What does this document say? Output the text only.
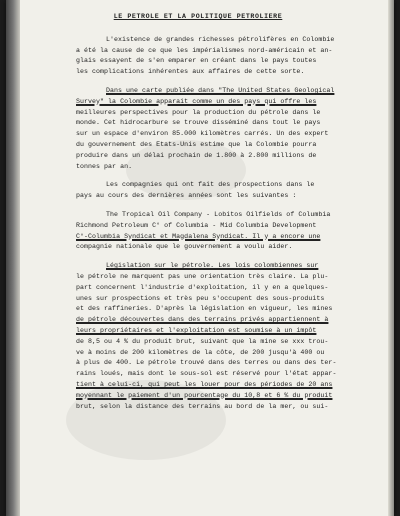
LE PETROLE ET LA POLITIQUE PETROLIERE
L'existence de grandes richesses pétrolifères en Colombie
a été la cause de ce que les impérialismes nord-américain et an-
glais essayent de s'en emparer en créant dans le pays toutes
les complications inhérentes aux affaires de cette sorte.
Dans une carte publiée dans "The United States Geological
Survey" la Colombie apparait comme un des pays qui offre les
meilleures perspectives pour la production du pétrole dans le
monde. Cet hidrocarbure se trouve disséminé dans tout le pays
sur un espace d'environ 85.000 kilomètres carrés. Un des expert
du gouvernement des Etats-Unis estime que la Colombie pourra
produire dans un délai prochain de 1.800 à 2.800 millions de
tonnes par an.
Les compagnies qui ont fait des prospections dans le
pays au cours des dernières années sont les suivantes :
The Tropical Oil Company - Lobitos Oilfields of Columbia
Richmond Petroleum C° of Columbia - Mid Columbia Development
C°-Columbia Syndicat et Magdalena Syndicat. Il y a encore une
compagnie nationale que le gouvernement a voulu aider.
Législation sur le pétrole. Les lois colombiennes sur
le pétrole ne marquent pas une orientation très claire. La plu-
part concernent l'industrie d'exploitation, il y en a quelques-
unes sur prospections et très peu s'occupent des sous-produits
et des raffineries. D'après la législation en vigueur, les mines
de pétrole découvertes dans des terrains privés appartiennent à
leurs propriétaires et l'exploitation est soumise à un impôt
de 8,5 ou 4 % du produit brut, suivant que la mine se xxx trou-
ve à moins de 200 kilomètres de la côte, de 200 jusqu'à 400 ou
à plus de 400. Le pétrole trouvé dans des terres ou dans des ter-
rains loués, mais dont le sous-sol est réservé pour l'état appar-
tient à celui-ci, qui peut les louer pour des périodes de 20 ans
moyennant le paiement d'un pourcentage du 10,8 et 6 % du produit
brut, selon la distance des terrains au bord de la mer, ou sui-
